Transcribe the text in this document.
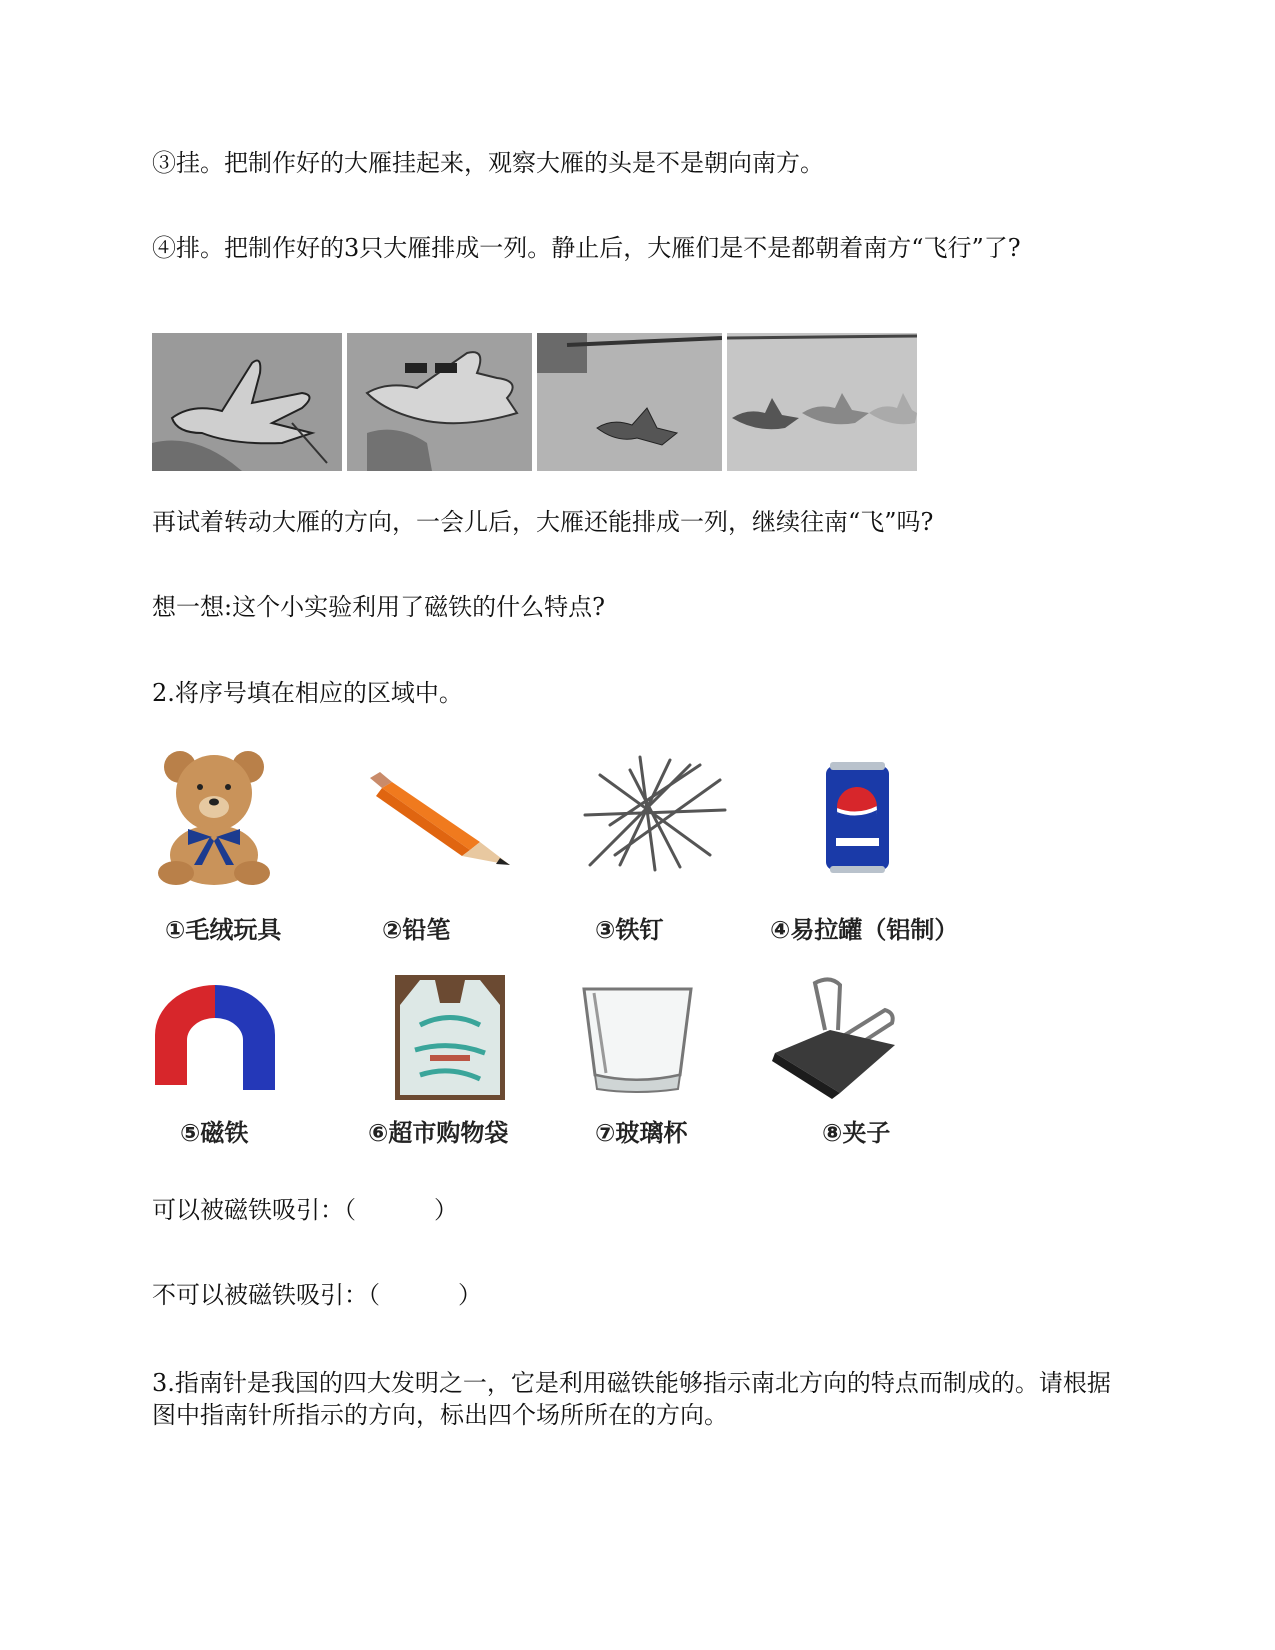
③挂。把制作好的大雁挂起来，观察大雁的头是不是朝向南方。
④排。把制作好的3只大雁排成一列。静止后，大雁们是不是都朝着南方“飞行”了?
再试着转动大雁的方向，一会儿后，大雁还能排成一列，继续往南“飞”吗?
想一想:这个小实验利用了磁铁的什么特点?
2.将序号填在相应的区域中。
①毛绒玩具	②铅笔	③铁钉	④易拉罐（铝制）
⑤磁铁	⑥超市购物袋	⑦玻璃杯	⑧夹子
可以被磁铁吸引：（	）
不可以被磁铁吸引：（	）
3.指南针是我国的四大发明之一，它是利用磁铁能够指示南北方向的特点而制成的。请根据图中指南针所指示的方向，标出四个场所所在的方向。
